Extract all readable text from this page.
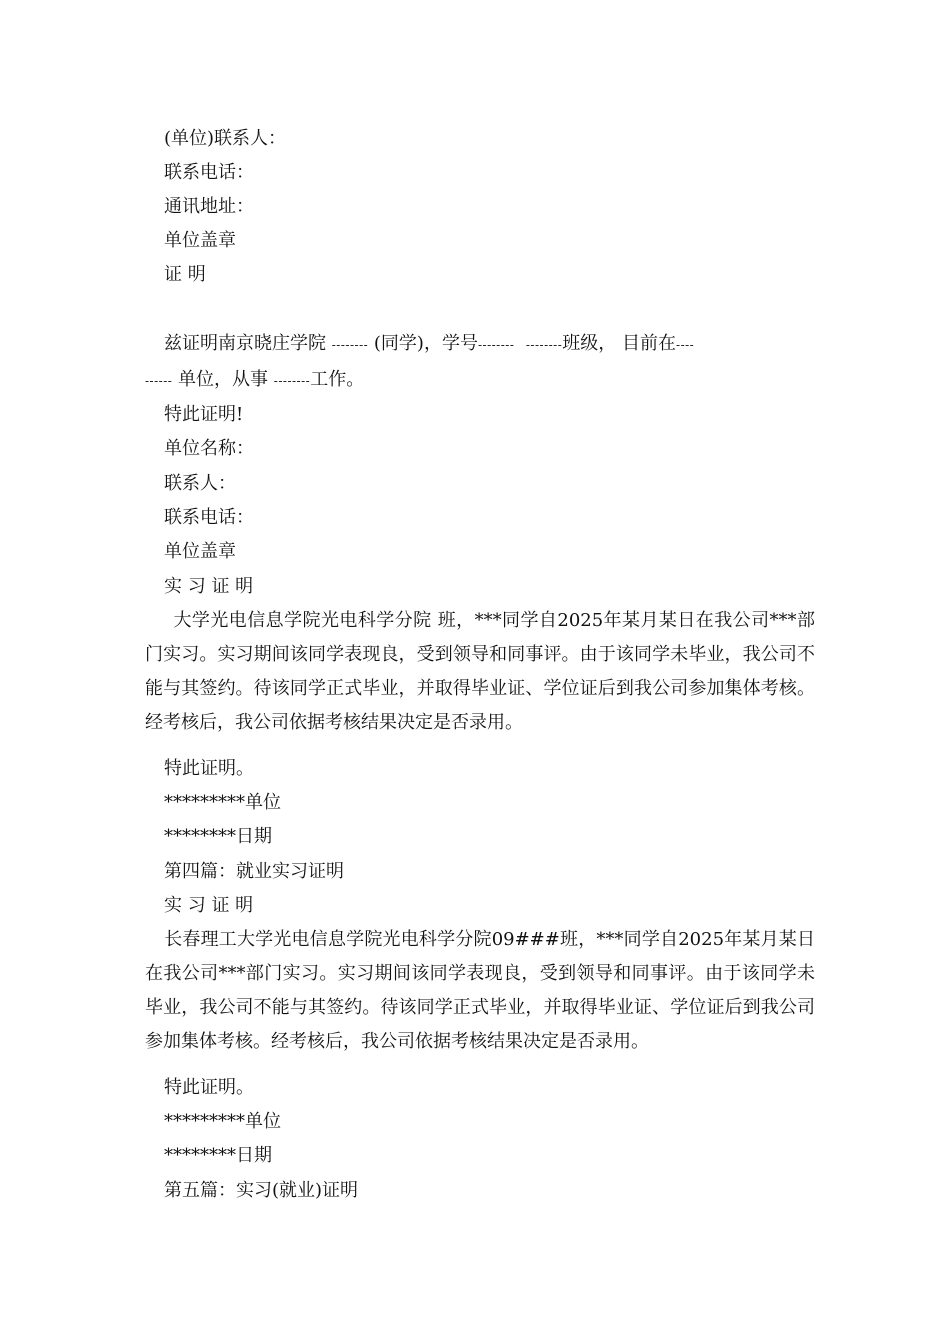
(单位)联系人：
联系电话：
通讯地址：
单位盖章
证 明
兹证明南京晓庄学院 -------- (同学)，学号-------- --------班级， 目前在----
------ 单位，从事 --------工作。
特此证明!
单位名称：
联系人：
联系电话：
单位盖章
实 习 证 明
大学光电信息学院光电科学分院 班，***同学自2025年某月某日在我公司***部门实习。实习期间该同学表现良，受到领导和同事评。由于该同学未毕业，我公司不能与其签约。待该同学正式毕业，并取得毕业证、学位证后到我公司参加集体考核。经考核后，我公司依据考核结果决定是否录用。
特此证明。
*********单位
********日期
第四篇：就业实习证明
实 习 证 明
长春理工大学光电信息学院光电科学分院09###班，***同学自2025年某月某日在我公司***部门实习。实习期间该同学表现良，受到领导和同事评。由于该同学未毕业，我公司不能与其签约。待该同学正式毕业，并取得毕业证、学位证后到我公司参加集体考核。经考核后，我公司依据考核结果决定是否录用。
特此证明。
*********单位
********日期
第五篇：实习(就业)证明
